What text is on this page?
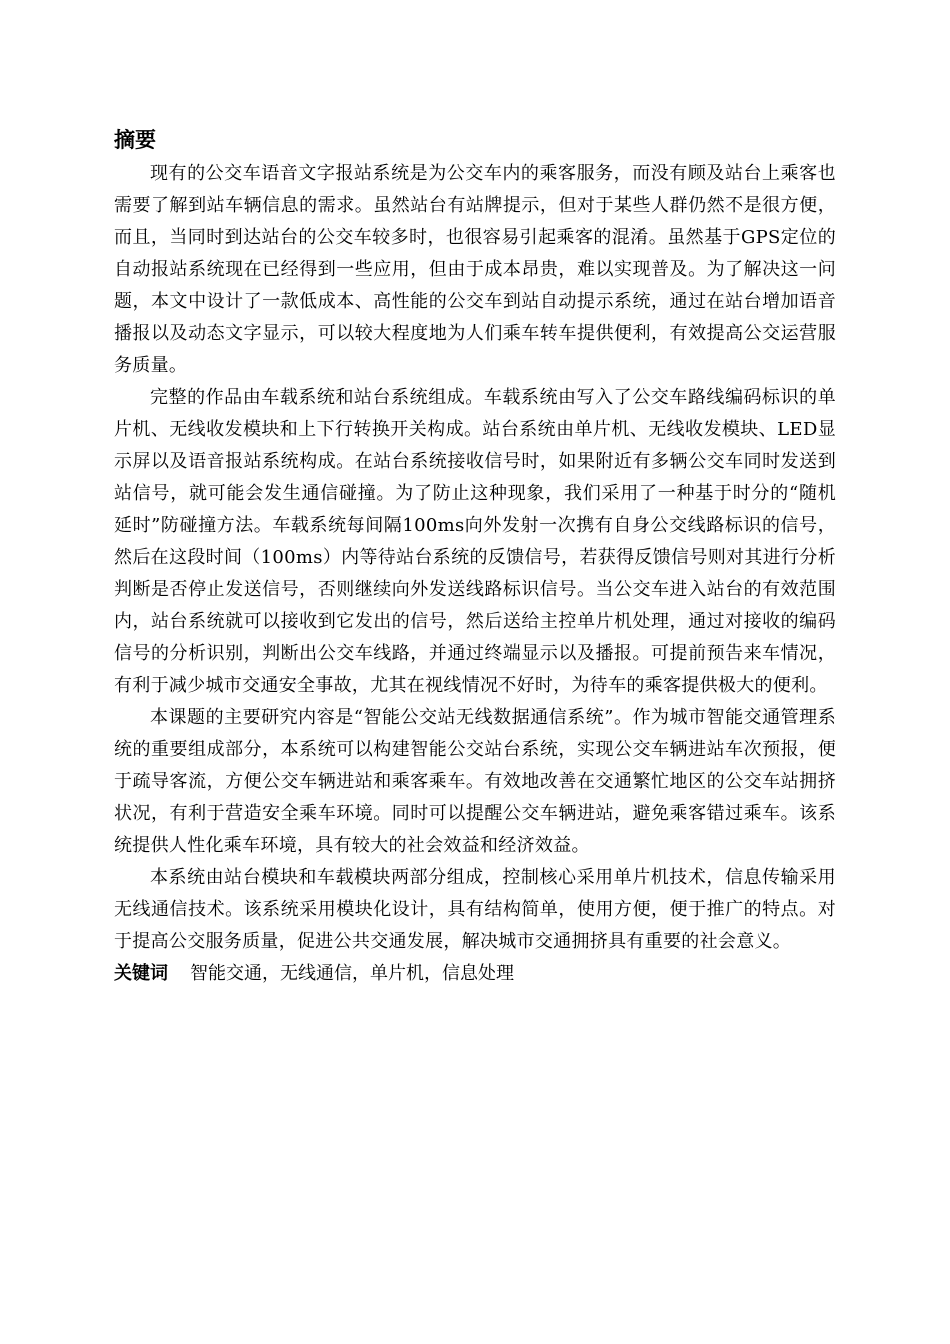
摘要

现有的公交车语音文字报站系统是为公交车内的乘客服务，而没有顾及站台上乘客也需要了解到站车辆信息的需求。虽然站台有站牌提示，但对于某些人群仍然不是很方便，而且，当同时到达站台的公交车较多时，也很容易引起乘客的混淆。虽然基于GPS定位的自动报站系统现在已经得到一些应用，但由于成本昂贵，难以实现普及。为了解决这一问题，本文中设计了一款低成本、高性能的公交车到站自动提示系统，通过在站台增加语音播报以及动态文字显示，可以较大程度地为人们乘车转车提供便利，有效提高公交运营服务质量。

完整的作品由车载系统和站台系统组成。车载系统由写入了公交车路线编码标识的单片机、无线收发模块和上下行转换开关构成。站台系统由单片机、无线收发模块、LED显示屏以及语音报站系统构成。在站台系统接收信号时，如果附近有多辆公交车同时发送到站信号，就可能会发生通信碰撞。为了防止这种现象，我们采用了一种基于时分的“随机延时”防碰撞方法。车载系统每间隔100ms向外发射一次携有自身公交线路标识的信号，然后在这段时间（100ms）内等待站台系统的反馈信号，若获得反馈信号则对其进行分析判断是否停止发送信号，否则继续向外发送线路标识信号。当公交车进入站台的有效范围内，站台系统就可以接收到它发出的信号，然后送给主控单片机处理，通过对接收的编码信号的分析识别，判断出公交车线路，并通过终端显示以及播报。可提前预告来车情况，有利于减少城市交通安全事故，尤其在视线情况不好时，为待车的乘客提供极大的便利。

本课题的主要研究内容是“智能公交站无线数据通信系统”。作为城市智能交通管理系统的重要组成部分，本系统可以构建智能公交站台系统，实现公交车辆进站车次预报，便于疏导客流，方便公交车辆进站和乘客乘车。有效地改善在交通繁忙地区的公交车站拥挤状况，有利于营造安全乘车环境。同时可以提醒公交车辆进站，避免乘客错过乘车。该系统提供人性化乘车环境，具有较大的社会效益和经济效益。

本系统由站台模块和车载模块两部分组成，控制核心采用单片机技术，信息传输采用无线通信技术。该系统采用模块化设计，具有结构简单，使用方便，便于推广的特点。对于提高公交服务质量，促进公共交通发展，解决城市交通拥挤具有重要的社会意义。

关键词 智能交通，无线通信，单片机，信息处理
